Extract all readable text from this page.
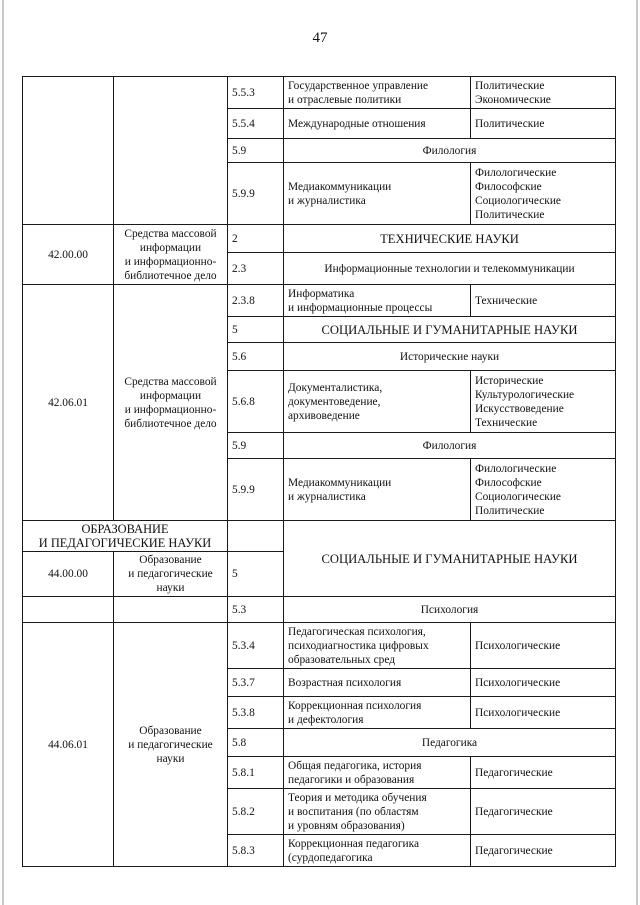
47
		5.5.3	Государственное управление
и отраслевые политики	Политические
Экономические

		5.5.4	Международные отношения	Политические
		5.9	Филология	
		5.9.9	Медиакоммуникации
и журналистика	Филологические
Философские
Социологические
Политические

42.00.00	Средства массовой
информации
и информационно-
библиотечное дело	2	ТЕХНИЧЕСКИЕ НАУКИ	
		2.3	Информационные технологии и телекоммуникации	
42.06.01	Средства массовой
информации
и информационно-
библиотечное дело	2.3.8	Информатика
и информационные процессы	Технические
		5	СОЦИАЛЬНЫЕ И ГУМАНИТАРНЫЕ НАУКИ	
		5.6	Исторические науки	
		5.6.8	Документалистика,
документоведение,
архивоведение	Исторические
Культурологические
Искусствоведение
Технические

		5.9	Филология	
		5.9.9	Медиакоммуникации
и журналистика	Филологические
Философские
Социологические
Политические

ОБРАЗОВАНИЕ
И ПЕДАГОГИЧЕСКИЕ НАУКИ			СОЦИАЛЬНЫЕ И ГУМАНИТАРНЫЕ НАУКИ	
44.00.00	Образование
и педагогические
науки	5		
		5.3	Психология	
44.06.01	Образование
и педагогические
науки	5.3.4	Педагогическая психология,
психодиагностика цифровых
образовательных сред	Психологические
		5.3.7	Возрастная психология	Психологические
		5.3.8	Коррекционная психология
и дефектология	Психологические
		5.8	Педагогика	
		5.8.1	Общая педагогика, история
педагогики и образования	Педагогические
		5.8.2	Теория и методика обучения
и воспитания (по областям
и уровням образования)	Педагогические
		5.8.3	Коррекционная педагогика
(сурдопедагогика	Педагогические
